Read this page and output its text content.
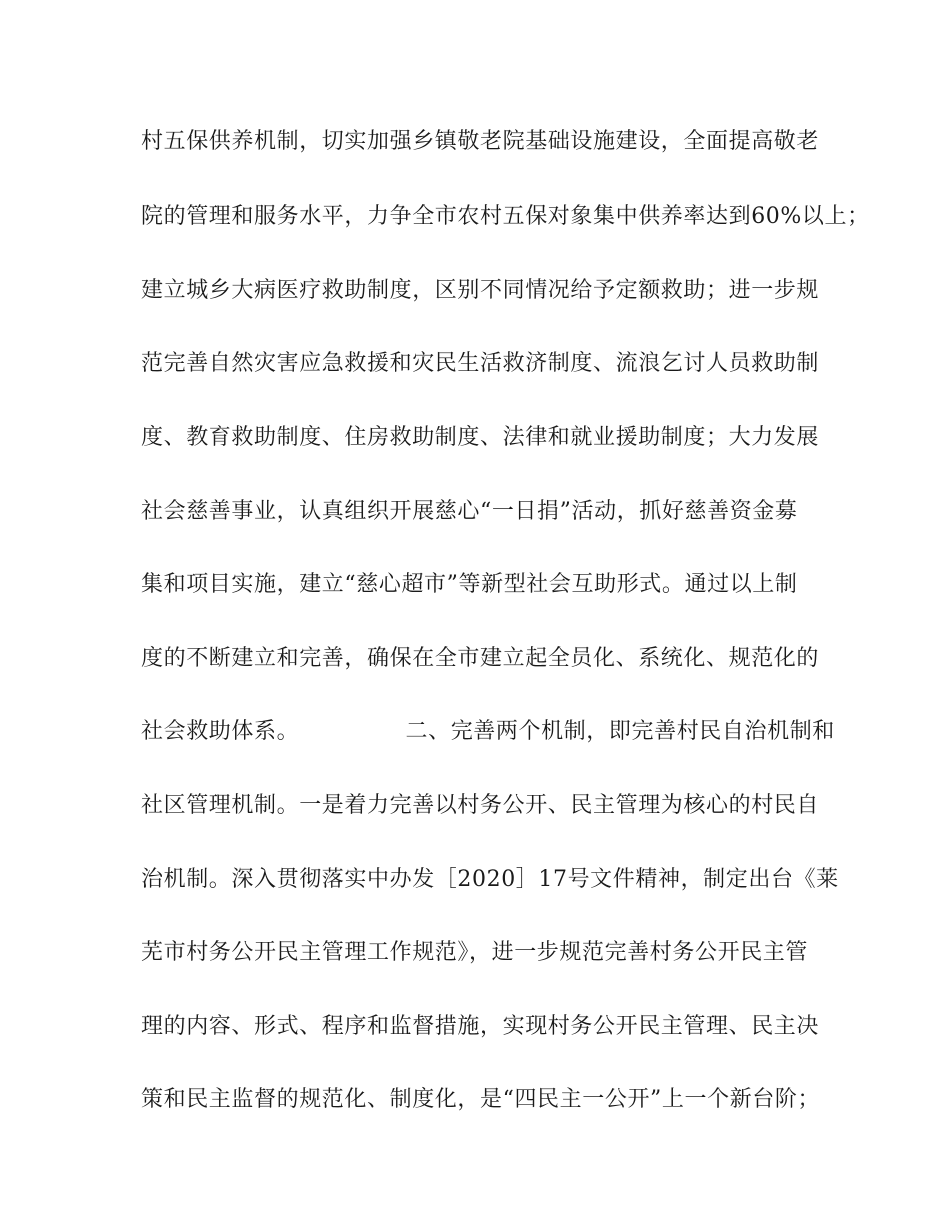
村五保供养机制，切实加强乡镇敬老院基础设施建设，全面提高敬老
院的管理和服务水平，力争全市农村五保对象集中供养率达到60%以上；
建立城乡大病医疗救助制度，区别不同情况给予定额救助；进一步规
范完善自然灾害应急救援和灾民生活救济制度、流浪乞讨人员救助制
度、教育救助制度、住房救助制度、法律和就业援助制度；大力发展
社会慈善事业，认真组织开展慈心“一日捐”活动，抓好慈善资金募
集和项目实施，建立“慈心超市”等新型社会互助形式。通过以上制
度的不断建立和完善，确保在全市建立起全员化、系统化、规范化的
社会救助体系。              二、完善两个机制，即完善村民自治机制和
社区管理机制。一是着力完善以村务公开、民主管理为核心的村民自
治机制。深入贯彻落实中办发［2020］17号文件精神，制定出台《莱
芜市村务公开民主管理工作规范》，进一步规范完善村务公开民主管
理的内容、形式、程序和监督措施，实现村务公开民主管理、民主决
策和民主监督的规范化、制度化，是“四民主一公开”上一个新台阶；
